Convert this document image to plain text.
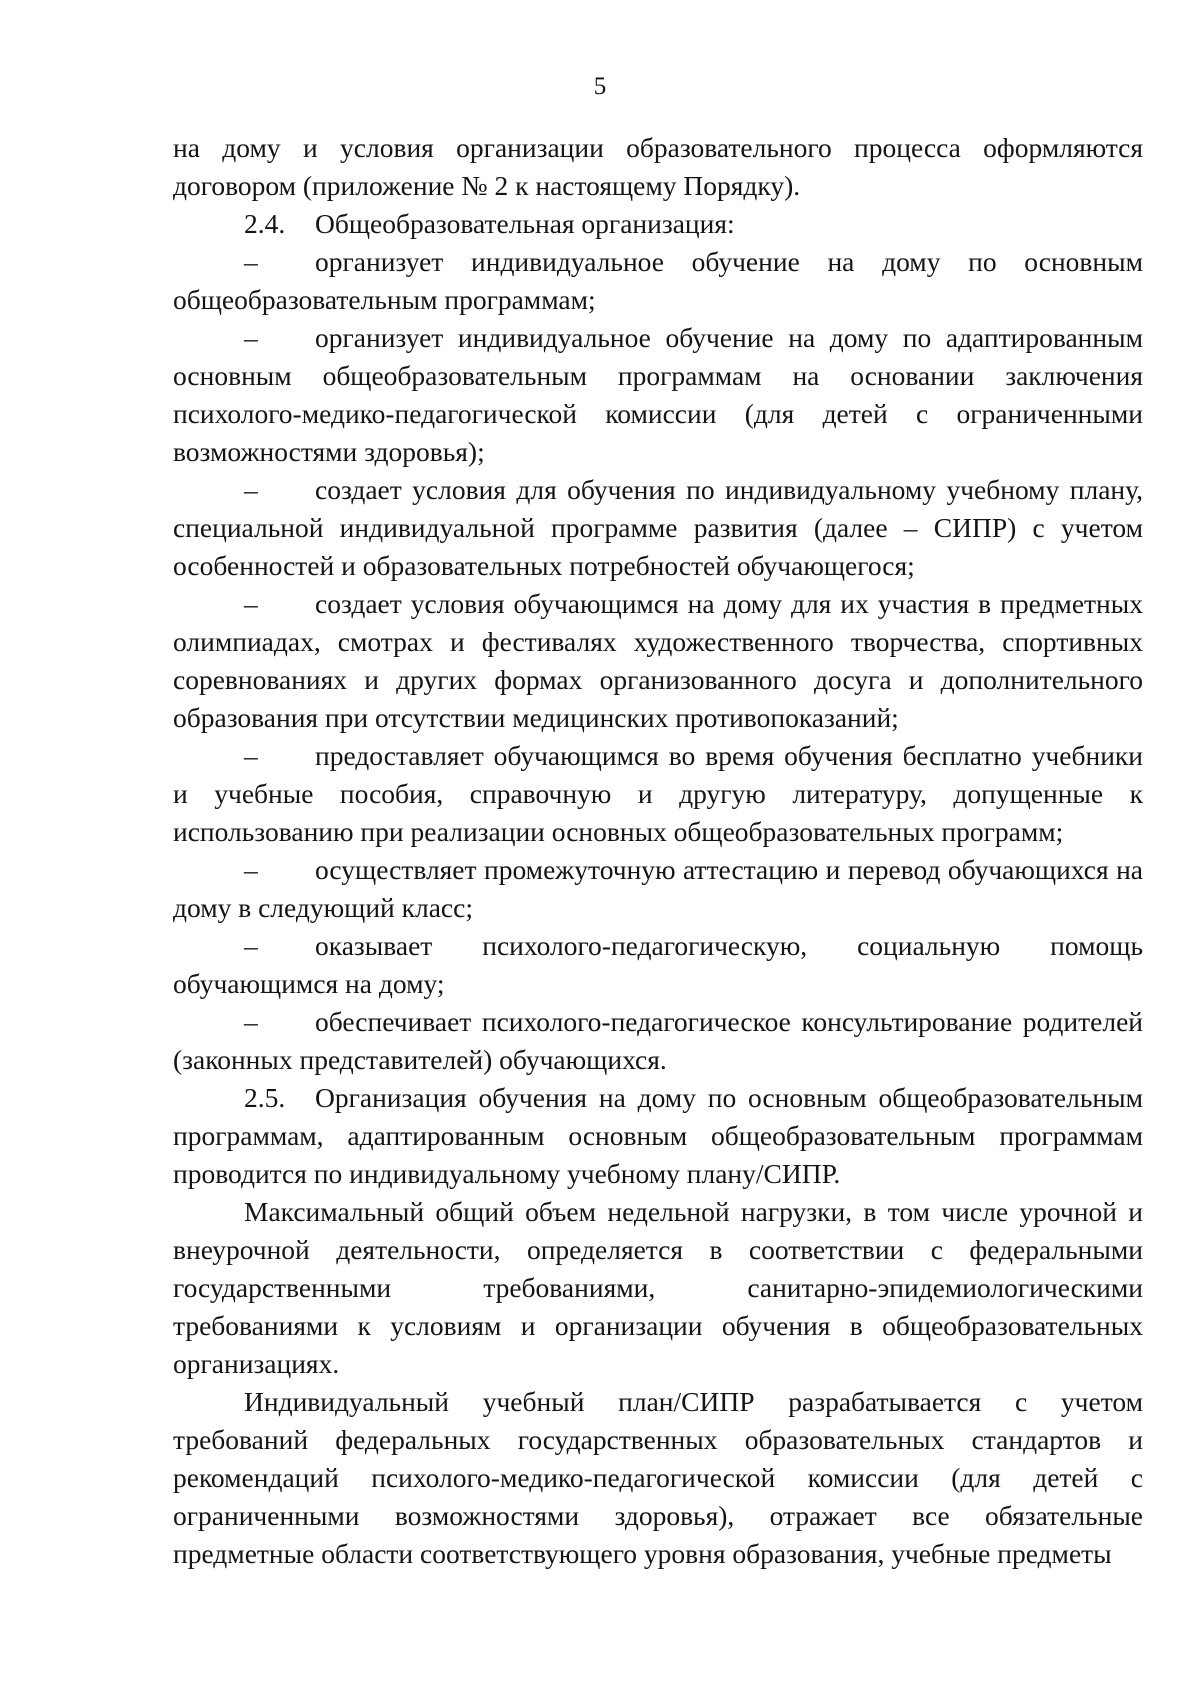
5

на дому и условия организации образовательного процесса оформляются договором (приложение № 2 к настоящему Порядку).

2.4. Общеобразовательная организация:

– организует индивидуальное обучение на дому по основным общеобразовательным программам;

– организует индивидуальное обучение на дому по адаптированным основным общеобразовательным программам на основании заключения психолого-медико-педагогической комиссии (для детей с ограниченными возможностями здоровья);

– создает условия для обучения по индивидуальному учебному плану, специальной индивидуальной программе развития (далее – СИПР) с учетом особенностей и образовательных потребностей обучающегося;

– создает условия обучающимся на дому для их участия в предметных олимпиадах, смотрах и фестивалях художественного творчества, спортивных соревнованиях и других формах организованного досуга и дополнительного образования при отсутствии медицинских противопоказаний;

– предоставляет обучающимся во время обучения бесплатно учебники и учебные пособия, справочную и другую литературу, допущенные к использованию при реализации основных общеобразовательных программ;

– осуществляет промежуточную аттестацию и перевод обучающихся на дому в следующий класс;

– оказывает психолого-педагогическую, социальную помощь обучающимся на дому;

– обеспечивает психолого-педагогическое консультирование родителей (законных представителей) обучающихся.

2.5. Организация обучения на дому по основным общеобразовательным программам, адаптированным основным общеобразовательным программам проводится по индивидуальному учебному плану/СИПР.

Максимальный общий объем недельной нагрузки, в том числе урочной и внеурочной деятельности, определяется в соответствии с федеральными государственными требованиями, санитарно-эпидемиологическими требованиями к условиям и организации обучения в общеобразовательных организациях.

Индивидуальный учебный план/СИПР разрабатывается с учетом требований федеральных государственных образовательных стандартов и рекомендаций психолого-медико-педагогической комиссии (для детей с ограниченными возможностями здоровья), отражает все обязательные предметные области соответствующего уровня образования, учебные предметы
